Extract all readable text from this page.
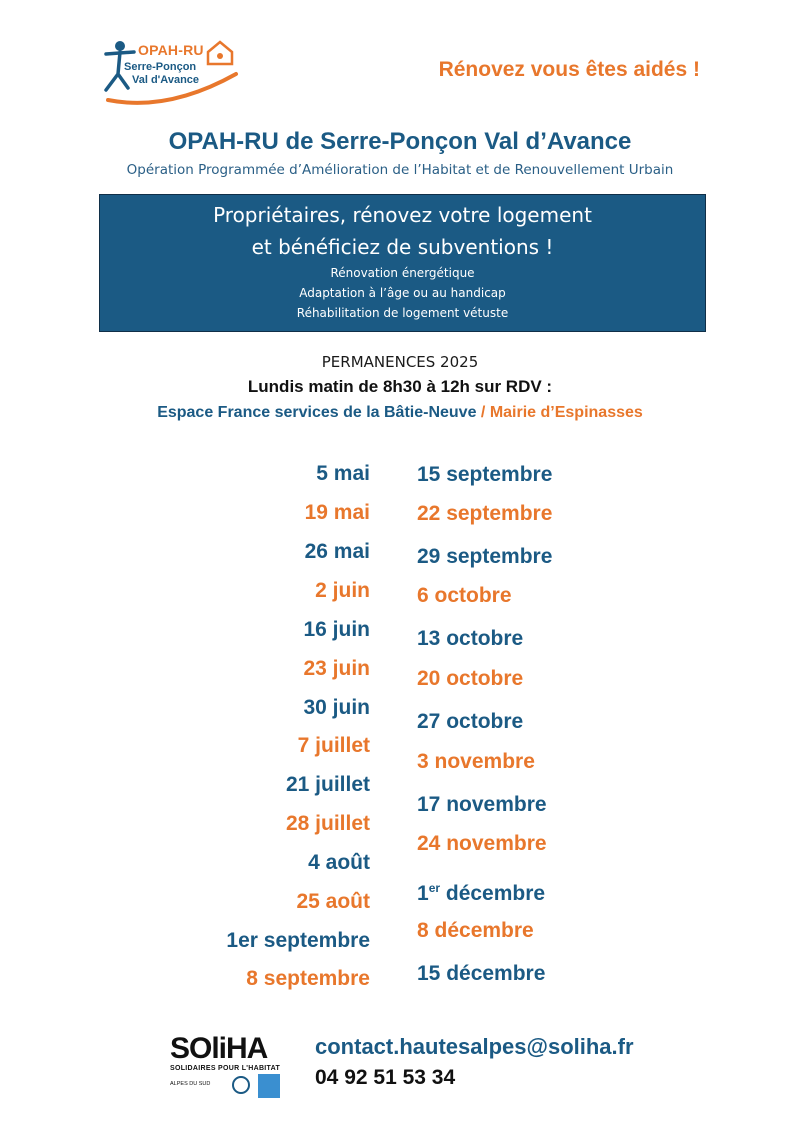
OPAH-RU
Serre-Ponçon
Val d'Avance	Rénovez vous êtes aidés !
OPAH-RU de Serre-Ponçon Val d’Avance
Opération Programmée d’Amélioration de l’Habitat et de Renouvellement Urbain
Propriétaires, rénovez votre logement
et bénéficiez de subventions !
Rénovation énergétique
Adaptation à l’âge ou au handicap
Réhabilitation de logement vétuste
PERMANENCES 2025
Lundis matin de 8h30 à 12h sur RDV :
Espace France services de la Bâtie-Neuve / Mairie d’Espinasses
5 mai
19 mai
26 mai
2 juin
16 juin
23 juin
30 juin
7 juillet
21 juillet
28 juillet
4 août
25 août
1er septembre
8 septembre
15 septembre
22 septembre
29 septembre
6 octobre
13 octobre
20 octobre
27 octobre
3 novembre
17 novembre
24 novembre
1er décembre
8 décembre
15 décembre
SOliHA
SOLIDAIRES POUR L'HABITAT
ALPES DU SUD
contact.hautesalpes@soliha.fr
04 92 51 53 34
